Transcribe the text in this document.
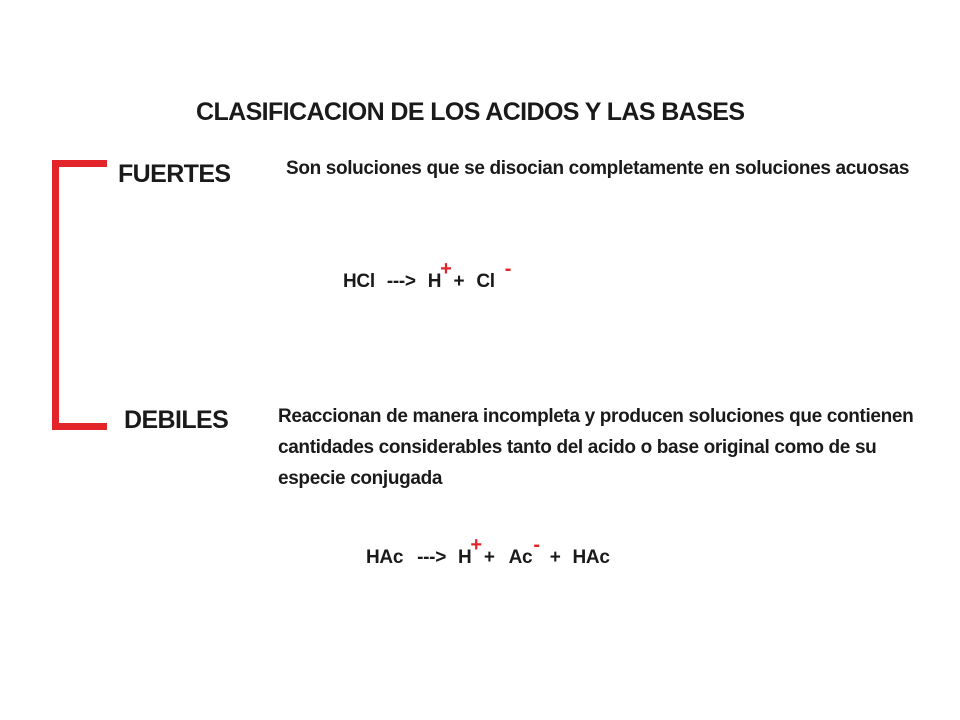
CLASIFICACION DE LOS ACIDOS Y LAS BASES
FUERTES	Son soluciones que se disocian completamente en soluciones acuosas
HCl ---> H++ Cl-
DEBILES	Reaccionan de manera incompleta y producen soluciones que contienen cantidades considerables tanto del acido o base original como de su especie conjugada
HAc ---> H++ Ac-+ HAc
